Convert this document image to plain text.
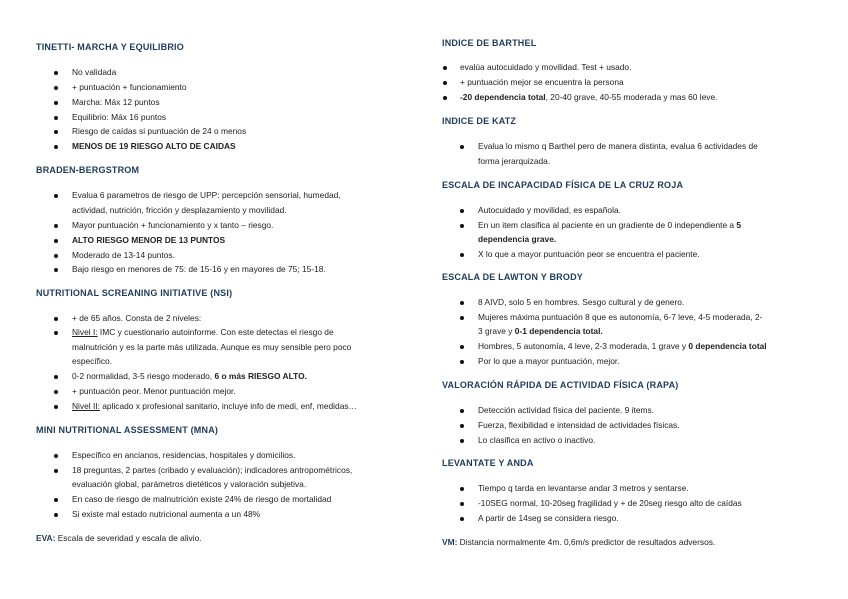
TINETTI- MARCHA Y EQUILIBRIO
No validada
+ puntuación + funcionamiento
Marcha: Máx 12 puntos
Equilibrio: Máx 16 puntos
Riesgo de caídas si puntuación de 24 o menos
MENOS DE 19 RIESGO ALTO DE CAIDAS
BRADEN-BERGSTROM
Evalua 6 parametros de riesgo de UPP: percepción sensorial, humedad,
actividad, nutrición, fricción y desplazamiento y movilidad.
Mayor puntuación + funcionamiento y x tanto – riesgo.
ALTO RIESGO MENOR DE 13 PUNTOS
Moderado de 13-14 puntos.
Bajo riesgo en menores de 75: de 15-16 y en mayores de 75; 15-18.
NUTRITIONAL SCREANING INITIATIVE (NSI)
+ de 65 años. Consta de 2 niveles:
Nivel I: IMC y cuestionario autoinforme. Con este detectas el riesgo de
malnutrición y es la parte más utilizada. Aunque es muy sensible pero poco
específico.
0-2 normalidad, 3-5 riesgo moderado, 6 o más RIESGO ALTO.
+ puntuación peor. Menor puntuación mejor.
Nivel II: aplicado x profesional sanitario, incluye info de medi, enf, medidas…
MINI NUTRITIONAL ASSESSMENT (MNA)
Específico en ancianos, residencias, hospitales y domicilios.
18 preguntas, 2 partes (cribado y evaluación); indicadores antropométricos,
evaluación global, parámetros dietéticos y valoración subjetiva.
En caso de riesgo de malnutrición existe 24% de riesgo de mortalidad
Si existe mal estado nutricional aumenta a un 48%
EVA: Escala de severidad y escala de alivio.
INDICE DE BARTHEL
evalúa autocuidado y movilidad. Test + usado.
+ puntuación mejor se encuentra la persona
-20 dependencia total, 20-40 grave, 40-55 moderada y mas 60 leve.
INDICE DE KATZ
Evalua lo mismo q Barthel pero de manera distinta, evalua 6 actividades de
forma jerarquizada.
ESCALA DE INCAPACIDAD FÍSICA DE LA CRUZ ROJA
Autocuidado y movilidad, es española.
En un item clasifica al paciente en un gradiente de 0 independiente a 5
dependencia grave.
X lo que a mayor puntuación peor se encuentra el paciente.
ESCALA DE LAWTON Y BRODY
8 AIVD, solo 5 en hombres. Sesgo cultural y de genero.
Mujeres máxima puntuación 8 que es autonomía, 6-7 leve, 4-5 moderada, 2-
3 grave y 0-1 dependencia total.
Hombres, 5 autonomía, 4 leve, 2-3 moderada, 1 grave y 0 dependencia total
Por lo que a mayor puntuación, mejor.
VALORACIÓN RÁPIDA DE ACTIVIDAD FÍSICA (RAPA)
Detección actividad física del paciente. 9 items.
Fuerza, flexibilidad e intensidad de actividades físicas.
Lo clasifica en activo o inactivo.
LEVANTATE Y ANDA
Tiempo q tarda en levantarse andar 3 metros y sentarse.
-10SEG normal, 10-20seg fragilidad y + de 20seg riesgo alto de caídas
A partir de 14seg se considera riesgo.
VM: Distancia normalmente 4m. 0,6m/s predictor de resultados adversos.
